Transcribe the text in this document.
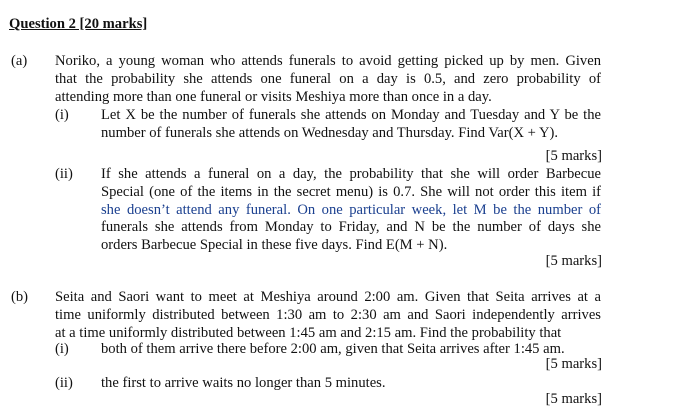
Question 2 [20 marks]
(a) Noriko, a young woman who attends funerals to avoid getting picked up by men. Given
that the probability she attends one funeral on a day is 0.5, and zero probability of
attending more than one funeral or visits Meshiya more than once in a day.
(i) Let X be the number of funerals she attends on Monday and Tuesday and Y be the
number of funerals she attends on Wednesday and Thursday. Find Var(X + Y).
[5 marks]
(ii) If she attends a funeral on a day, the probability that she will order Barbecue
Special (one of the items in the secret menu) is 0.7. She will not order this item if
she doesn’t attend any funeral. On one particular week, let M be the number of
funerals she attends from Monday to Friday, and N be the number of days she
orders Barbecue Special in these five days. Find E(M + N).
[5 marks]
(b) Seita and Saori want to meet at Meshiya around 2:00 am. Given that Seita arrives at a
time uniformly distributed between 1:30 am to 2:30 am and Saori independently arrives
at a time uniformly distributed between 1:45 am and 2:15 am. Find the probability that
(i) both of them arrive there before 2:00 am, given that Seita arrives after 1:45 am.
[5 marks]
(ii) the first to arrive waits no longer than 5 minutes.
[5 marks]
